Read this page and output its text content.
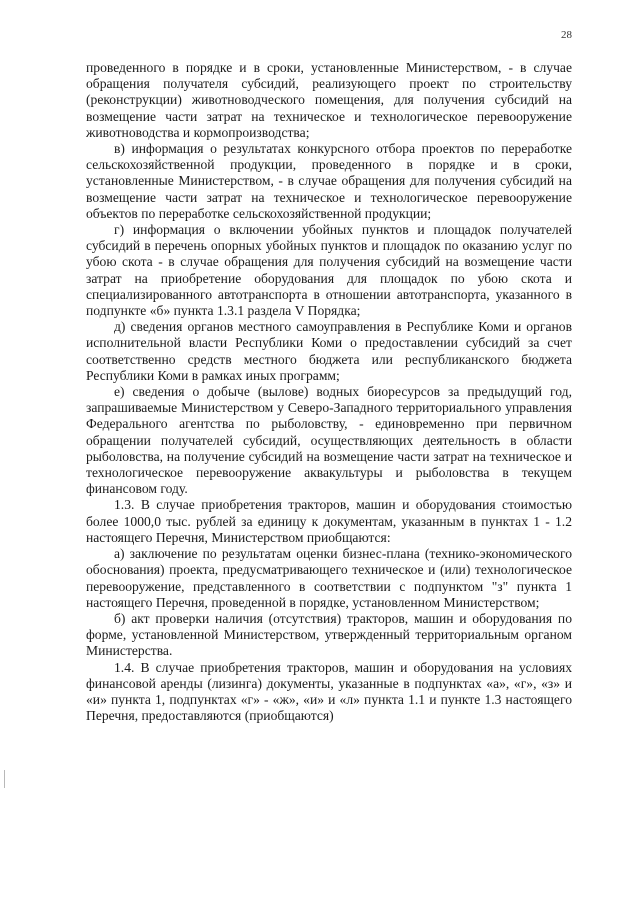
28

проведенного в порядке и в сроки, установленные Министерством, - в случае обращения получателя субсидий, реализующего проект по строительству (реконструкции) животноводческого помещения, для получения субсидий на возмещение части затрат на техническое и технологическое перевооружение животноводства и кормопроизводства;

в) информация о результатах конкурсного отбора проектов по переработке сельскохозяйственной продукции, проведенного в порядке и в сроки, установленные Министерством, - в случае обращения для получения субсидий на возмещение части затрат на техническое и технологическое перевооружение объектов по переработке сельскохозяйственной продукции;

г) информация о включении убойных пунктов и площадок получателей субсидий в перечень опорных убойных пунктов и площадок по оказанию услуг по убою скота - в случае обращения для получения субсидий на возмещение части затрат на приобретение оборудования для площадок по убою скота и специализированного автотранспорта в отношении автотранспорта, указанного в подпункте «б» пункта 1.3.1 раздела V Порядка;

д) сведения органов местного самоуправления в Республике Коми и органов исполнительной власти Республики Коми о предоставлении субсидий за счет соответственно средств местного бюджета или республиканского бюджета Республики Коми в рамках иных программ;

е) сведения о добыче (вылове) водных биоресурсов за предыдущий год, запрашиваемые Министерством у Северо-Западного территориального управления Федерального агентства по рыболовству, - единовременно при первичном обращении получателей субсидий, осуществляющих деятельность в области рыболовства, на получение субсидий на возмещение части затрат на техническое и технологическое перевооружение аквакультуры и рыболовства в текущем финансовом году.

1.3. В случае приобретения тракторов, машин и оборудования стоимостью более 1000,0 тыс. рублей за единицу к документам, указанным в пунктах 1 - 1.2 настоящего Перечня, Министерством приобщаются:

а) заключение по результатам оценки бизнес-плана (технико-экономического обоснования) проекта, предусматривающего техническое и (или) технологическое перевооружение, представленного в соответствии с подпунктом "з" пункта 1 настоящего Перечня, проведенной в порядке, установленном Министерством;

б) акт проверки наличия (отсутствия) тракторов, машин и оборудования по форме, установленной Министерством, утвержденный территориальным органом Министерства.

1.4. В случае приобретения тракторов, машин и оборудования на условиях финансовой аренды (лизинга) документы, указанные в подпунктах «а», «г», «з» и «и» пункта 1, подпунктах «г» - «ж», «и» и «л» пункта 1.1 и пункте 1.3 настоящего Перечня, предоставляются (приобщаются)
